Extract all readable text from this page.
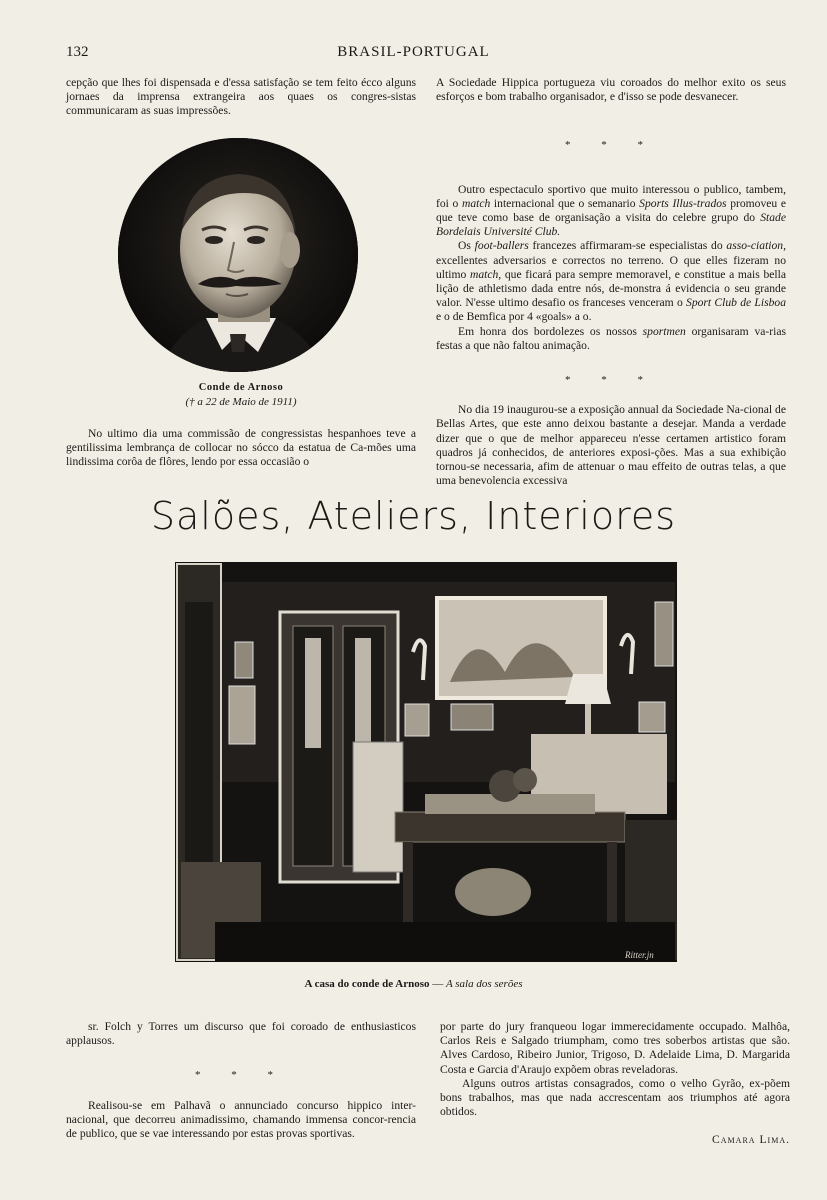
132	BRASIL-PORTUGAL

cepção que lhes foi dispensada e d'essa satisfação se tem feito écco alguns jornaes da imprensa extrangeira aos quaes os congres-sistas communicaram as suas impressões.

Conde de Arnoso
(† a 22 de Maio de 1911)

No ultimo dia uma commissão de congressistas hespanhoes teve a gentilissima lembrança de collocar no sócco da estatua de Ca-mões uma lindissima corôa de flôres, lendo por essa occasião o

A Sociedade Hippica portugueza viu coroados do melhor exito os seus esforços e bom trabalho organisador, e d'isso se pode desvanecer.

* * *

Outro espectaculo sportivo que muito interessou o publico, tambem, foi o match internacional que o semanario Sports Illus-trados promoveu e que teve como base de organisação a visita do celebre grupo do Stade Bordelais Université Club.

Os foot-ballers francezes affirmaram-se especialistas do asso-ciation, excellentes adversarios e correctos no terreno. O que elles fizeram no ultimo match, que ficará para sempre memoravel, e constitue a mais bella lição de athletismo dada entre nós, de-monstra á evidencia o seu grande valor. N'esse ultimo desafio os franceses venceram o Sport Club de Lisboa e o de Bemfica por 4 «goals» a o.

Em honra dos bordolezes os nossos sportmen organisaram va-rias festas a que não faltou animação.

* * *

No dia 19 inaugurou-se a exposição annual da Sociedade Na-cional de Bellas Artes, que este anno deixou bastante a desejar. Manda a verdade dizer que o que de melhor appareceu n'esse certamen artistico foram quadros já conhecidos, de anteriores exposi-ções. Mas a sua exhibição tornou-se necessaria, afim de attenuar o mau effeito de outras telas, a que uma benevolencia excessiva

Salões, Ateliers, Interiores
Ritter.jn
A casa do conde de Arnoso — A sala dos serões

sr. Folch y Torres um discurso que foi coroado de enthusiasticos applausos.

* * *

Realisou-se em Palhavã o annunciado concurso hippico inter-nacional, que decorreu animadissimo, chamando immensa concor-rencia de publico, que se vae interessando por estas provas sportivas.

por parte do jury franqueou logar immerecidamente occupado. Malhôa, Carlos Reis e Salgado triumpham, como tres soberbos artistas que são. Alves Cardoso, Ribeiro Junior, Trigoso, D. Adelaide Lima, D. Margarida Costa e Garcia d'Araujo expõem obras reveladoras.

Alguns outros artistas consagrados, como o velho Gyrão, ex-põem bons trabalhos, mas que nada accrescentam aos triumphos até agora obtidos.

Camara Lima.
